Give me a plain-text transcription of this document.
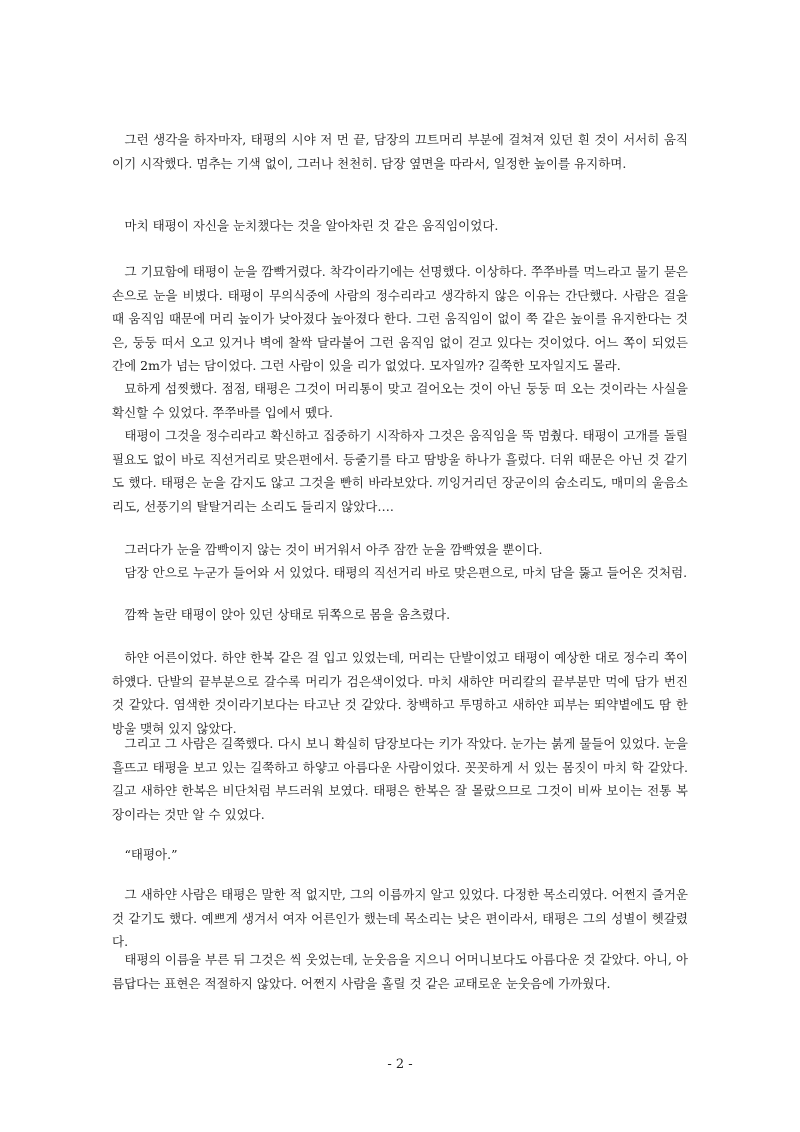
그런 생각을 하자마자, 태평의 시야 저 먼 끝, 담장의 끄트머리 부분에 걸쳐져 있던 흰 것이 서서히 움직이기 시작했다. 멈추는 기색 없이, 그러나 천천히. 담장 옆면을 따라서, 일정한 높이를 유지하며.

마치 태평이 자신을 눈치챘다는 것을 알아차린 것 같은 움직임이었다.

그 기묘함에 태평이 눈을 깜빡거렸다. 착각이라기에는 선명했다. 이상하다. 쭈쭈바를 먹느라고 물기 묻은 손으로 눈을 비볐다. 태평이 무의식중에 사람의 정수리라고 생각하지 않은 이유는 간단했다. 사람은 걸을 때 움직임 때문에 머리 높이가 낮아졌다 높아졌다 한다. 그런 움직임이 없이 쭉 같은 높이를 유지한다는 것은, 둥둥 떠서 오고 있거나 벽에 찰싹 달라붙어 그런 움직임 없이 걷고 있다는 것이었다. 어느 쪽이 되었든 간에 2m가 넘는 담이었다. 그런 사람이 있을 리가 없었다. 모자일까? 길쭉한 모자일지도 몰라.

묘하게 섬찟했다. 점점, 태평은 그것이 머리통이 맞고 걸어오는 것이 아닌 둥둥 떠 오는 것이라는 사실을 확신할 수 있었다. 쭈쭈바를 입에서 뗐다.

태평이 그것을 정수리라고 확신하고 집중하기 시작하자 그것은 움직임을 뚝 멈췄다. 태평이 고개를 돌릴 필요도 없이 바로 직선거리로 맞은편에서. 등줄기를 타고 땀방울 하나가 흘렀다. 더위 때문은 아닌 것 같기도 했다. 태평은 눈을 감지도 않고 그것을 빤히 바라보았다. 끼잉거리던 장군이의 숨소리도, 매미의 울음소리도, 선풍기의 탈탈거리는 소리도 들리지 않았다….

그러다가 눈을 깜빡이지 않는 것이 버거워서 아주 잠깐 눈을 깜빡였을 뿐이다.

담장 안으로 누군가 들어와 서 있었다. 태평의 직선거리 바로 맞은편으로, 마치 담을 뚫고 들어온 것처럼.

깜짝 놀란 태평이 앉아 있던 상태로 뒤쪽으로 몸을 움츠렸다.

하얀 어른이었다. 하얀 한복 같은 걸 입고 있었는데, 머리는 단발이었고 태평이 예상한 대로 정수리 쪽이 하얬다. 단발의 끝부분으로 갈수록 머리가 검은색이었다. 마치 새하얀 머리칼의 끝부분만 먹에 담가 번진 것 같았다. 염색한 것이라기보다는 타고난 것 같았다. 창백하고 투명하고 새하얀 피부는 뙤약볕에도 땀 한 방울 맺혀 있지 않았다.

그리고 그 사람은 길쭉했다. 다시 보니 확실히 담장보다는 키가 작았다. 눈가는 붉게 물들어 있었다. 눈을 흘뜨고 태평을 보고 있는 길쭉하고 하얗고 아름다운 사람이었다. 꼿꼿하게 서 있는 몸짓이 마치 학 같았다. 길고 새하얀 한복은 비단처럼 부드러워 보였다. 태평은 한복은 잘 몰랐으므로 그것이 비싸 보이는 전통 복장이라는 것만 알 수 있었다.

“태평아.”

그 새하얀 사람은 태평은 말한 적 없지만, 그의 이름까지 알고 있었다. 다정한 목소리였다. 어쩐지 즐거운 것 같기도 했다. 예쁘게 생겨서 여자 어른인가 했는데 목소리는 낮은 편이라서, 태평은 그의 성별이 헷갈렸다.

태평의 이름을 부른 뒤 그것은 씩 웃었는데, 눈웃음을 지으니 어머니보다도 아름다운 것 같았다. 아니, 아름답다는 표현은 적절하지 않았다. 어쩐지 사람을 홀릴 것 같은 교태로운 눈웃음에 가까웠다.

- 2 -
